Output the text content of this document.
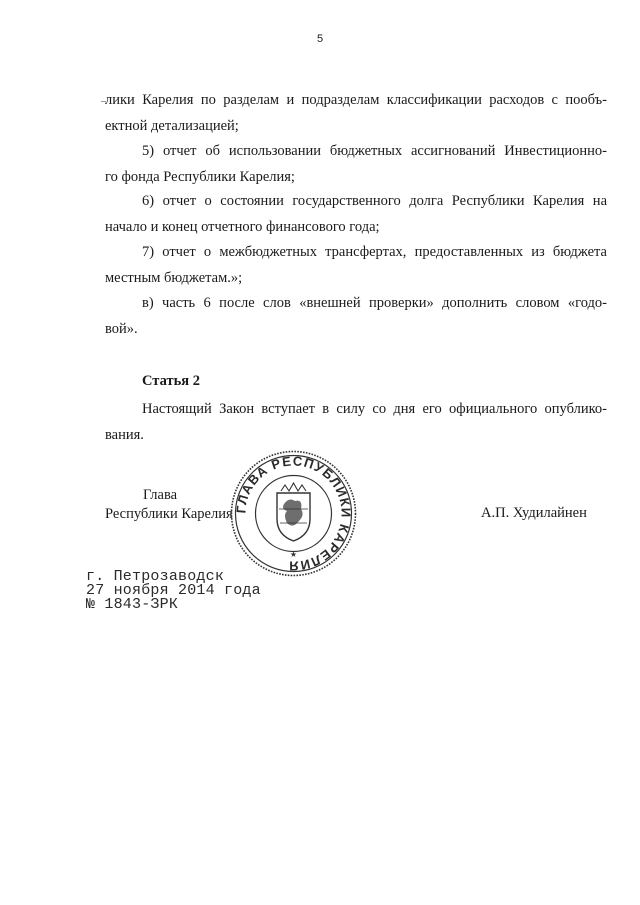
5
лики Карелия по разделам и подразделам классификации расходов с пообъ-
ектной детализацией;
5) отчет об использовании бюджетных ассигнований Инвестиционно-
го фонда Республики Карелия;
6) отчет о состоянии государственного долга Республики Карелия на
начало и конец отчетного финансового года;
7) отчет о межбюджетных трансфертах, предоставленных из бюджета
местным бюджетам.»;
в) часть 6 после слов «внешней проверки» дополнить словом «годо-
вой».
Статья 2
Настоящий Закон вступает в силу со дня его официального опублико-
вания.
Глава
Республики Карелия ГЛАВА РЕСПУБЛИКИ КАРЕЛИЯ
★
А.П. Худилайнен
г. Петрозаводск
27 ноября 2014 года
№ 1843-ЗРК
